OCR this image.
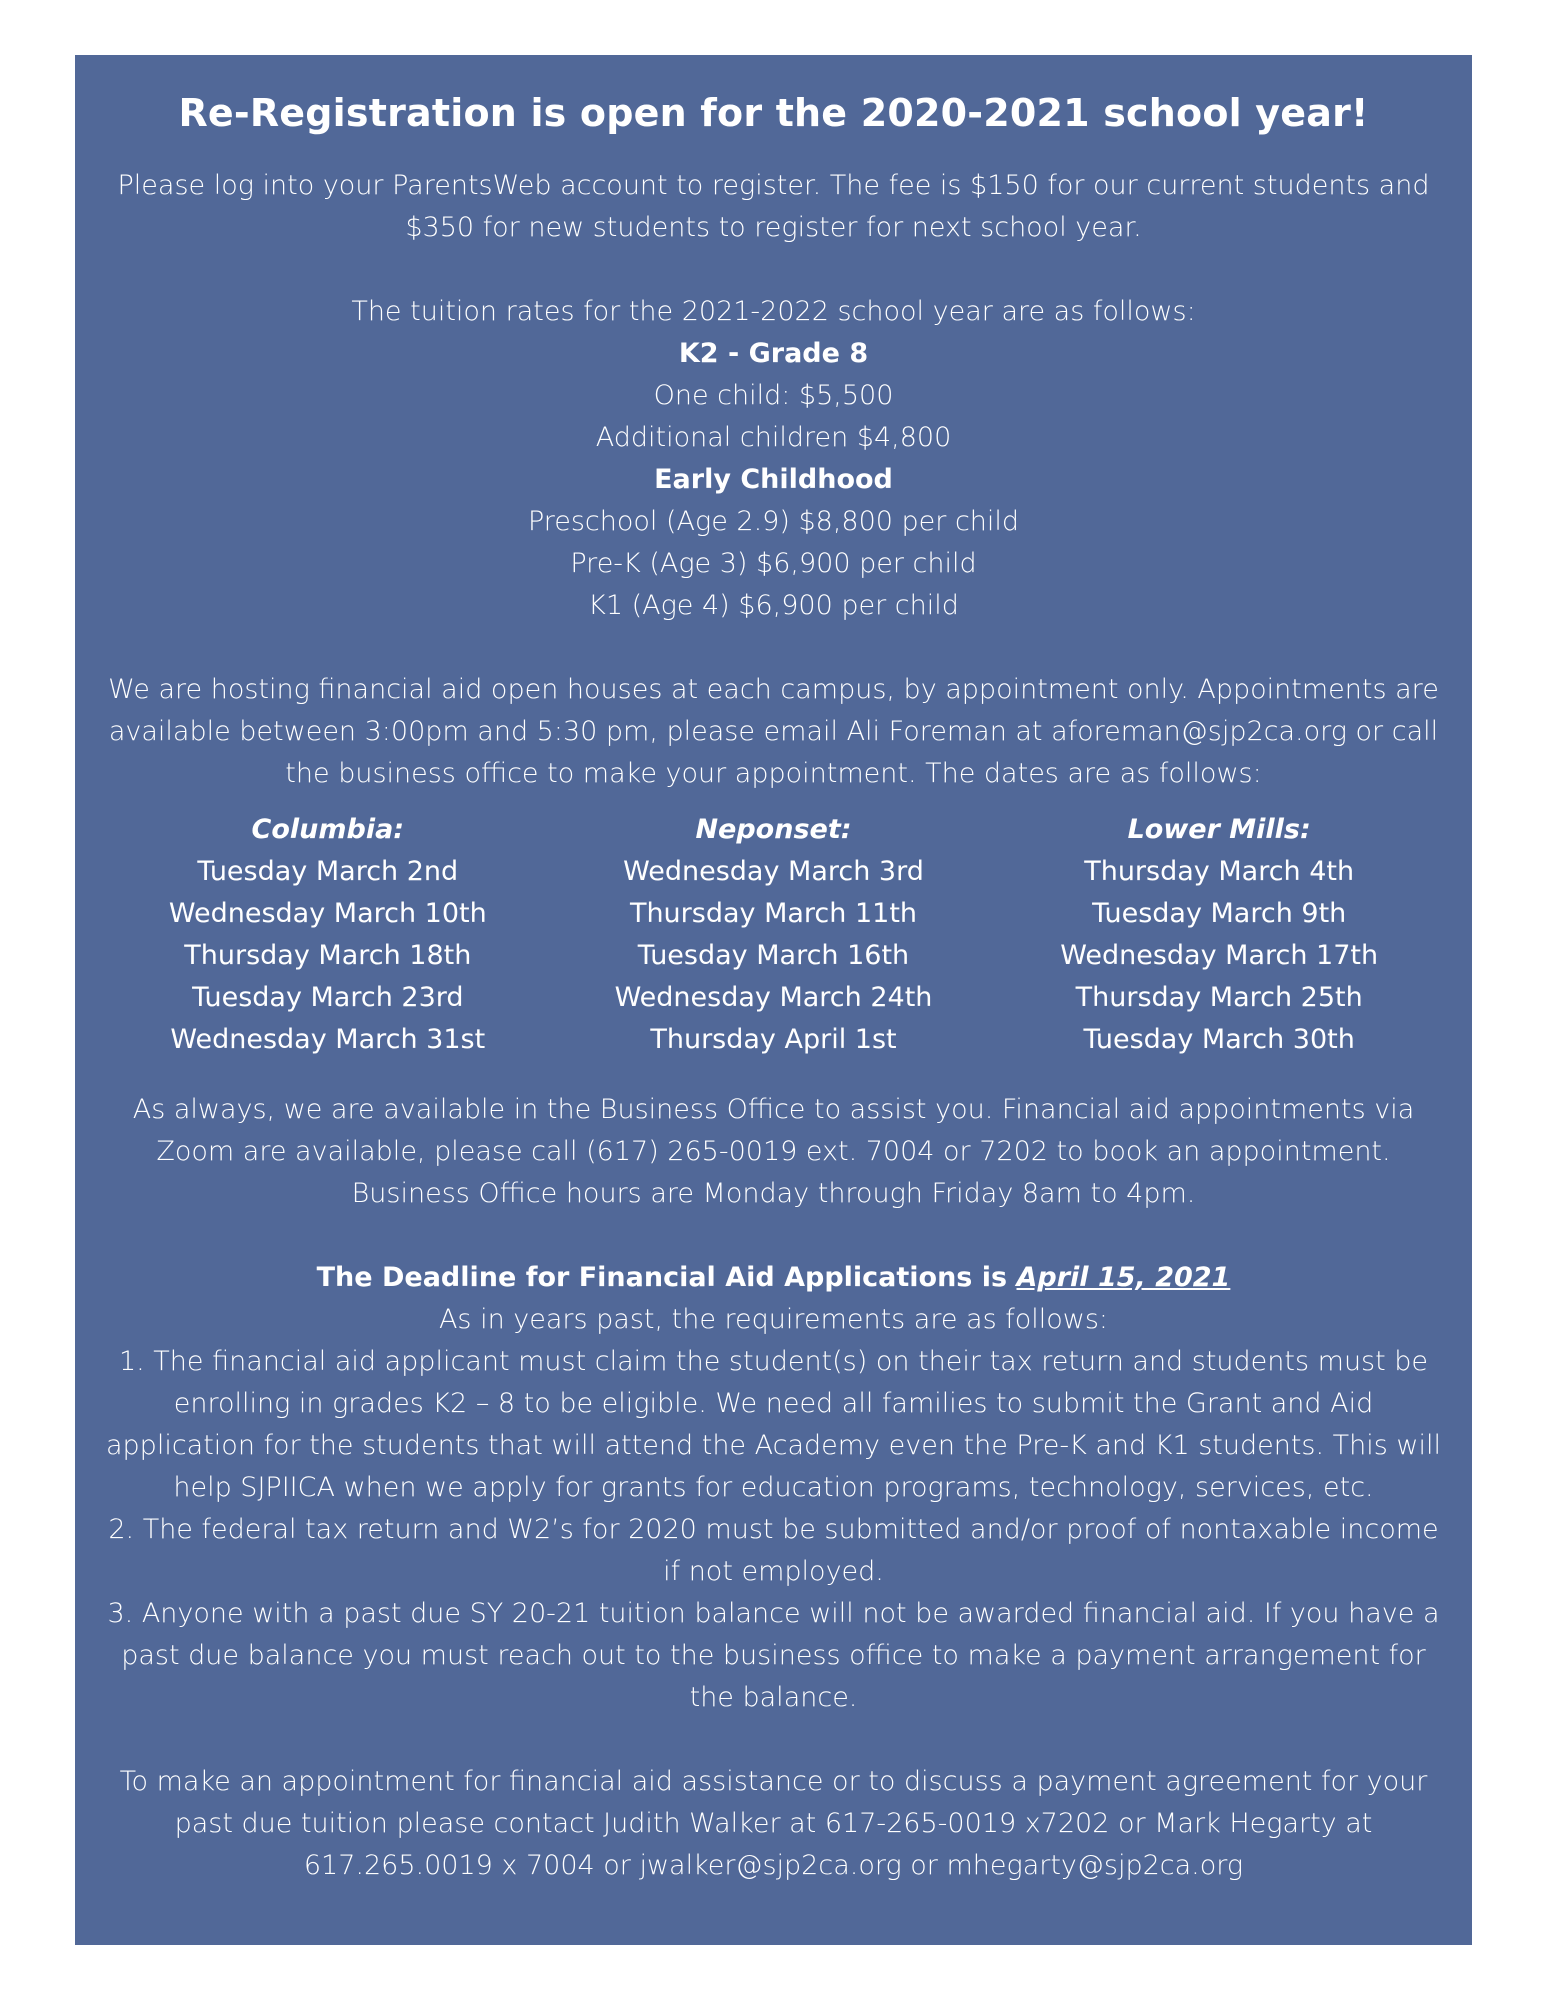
Re-Registration is open for the 2020-2021 school year!

Please log into your ParentsWeb account to register. The fee is $150 for our current students and
$350 for new students to register for next school year.

The tuition rates for the 2021-2022 school year are as follows:
K2 - Grade 8
One child: $5,500
Additional children $4,800
Early Childhood
Preschool (Age 2.9) $8,800 per child
Pre-K (Age 3) $6,900 per child
K1 (Age 4) $6,900 per child
We are hosting financial aid open houses at each campus, by appointment only. Appointments are
available between 3:00pm and 5:30 pm, please email Ali Foreman at aforeman@sjp2ca.org or call
the business office to make your appointment. The dates are as follows:
Columbia:
Tuesday March 2nd
Wednesday March 10th
Thursday March 18th
Tuesday March 23rd
Wednesday March 31st
Neponset:
Wednesday March 3rd
Thursday March 11th
Tuesday March 16th
Wednesday March 24th
Thursday April 1st
Lower Mills:
Thursday March 4th
Tuesday March 9th
Wednesday March 17th
Thursday March 25th
Tuesday March 30th
As always, we are available in the Business Office to assist you. Financial aid appointments via
Zoom are available, please call (617) 265-0019 ext. 7004 or 7202 to book an appointment.
Business Office hours are Monday through Friday 8am to 4pm.
The Deadline for Financial Aid Applications is April 15, 2021
As in years past, the requirements are as follows:
1. The financial aid applicant must claim the student(s) on their tax return and students must be
enrolling in grades K2 – 8 to be eligible. We need all families to submit the Grant and Aid
application for the students that will attend the Academy even the Pre-K and K1 students. This will
help SJPIICA when we apply for grants for education programs, technology, services, etc.
2. The federal tax return and W2’s for 2020 must be submitted and/or proof of nontaxable income
if not employed.
3. Anyone with a past due SY 20-21 tuition balance will not be awarded financial aid. If you have a
past due balance you must reach out to the business office to make a payment arrangement for
the balance.
To make an appointment for financial aid assistance or to discuss a payment agreement for your
past due tuition please contact Judith Walker at 617-265-0019 x7202 or Mark Hegarty at
617.265.0019 x 7004 or jwalker@sjp2ca.org or mhegarty@sjp2ca.org
